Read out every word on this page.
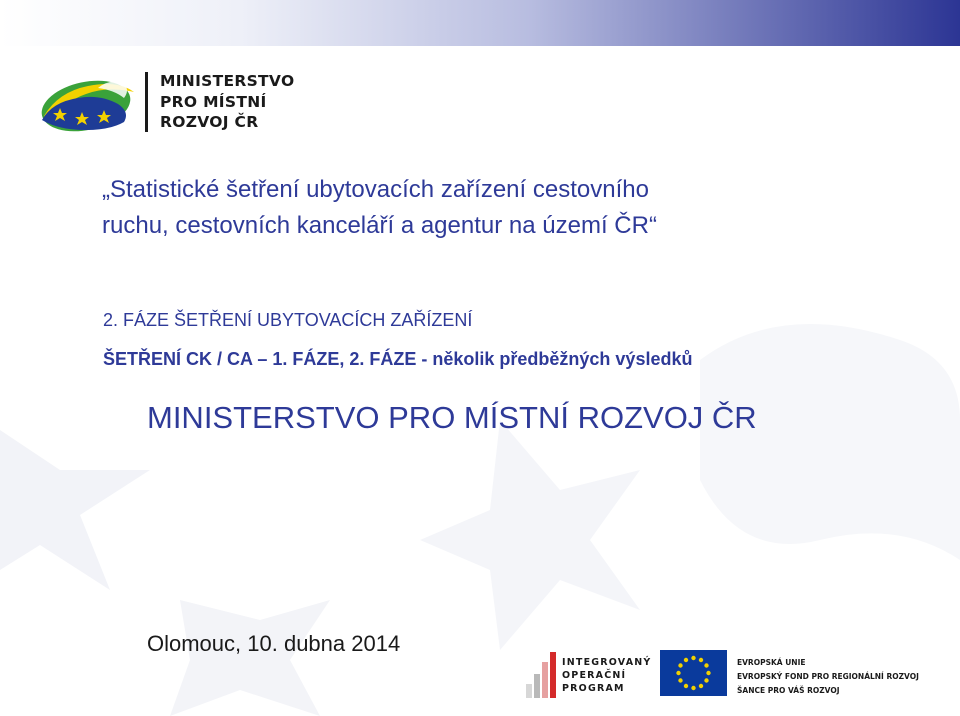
MINISTERSTVO
PRO MÍSTNÍ
ROZVOJ ČR
„Statistické šetření ubytovacích zařízení cestovního
ruchu, cestovních kanceláří a agentur na území ČR“
2. FÁZE ŠETŘENÍ UBYTOVACÍCH ZAŘÍZENÍ
ŠETŘENÍ CK / CA – 1. FÁZE, 2. FÁZE - několik předběžných výsledků
MINISTERSTVO PRO MÍSTNÍ ROZVOJ ČR
Olomouc, 10. dubna 2014
INTEGROVANÝ
OPERAČNÍ
PROGRAM
EVROPSKÁ UNIE
EVROPSKÝ FOND PRO REGIONÁLNÍ ROZVOJ
ŠANCE PRO VÁŠ ROZVOJ
